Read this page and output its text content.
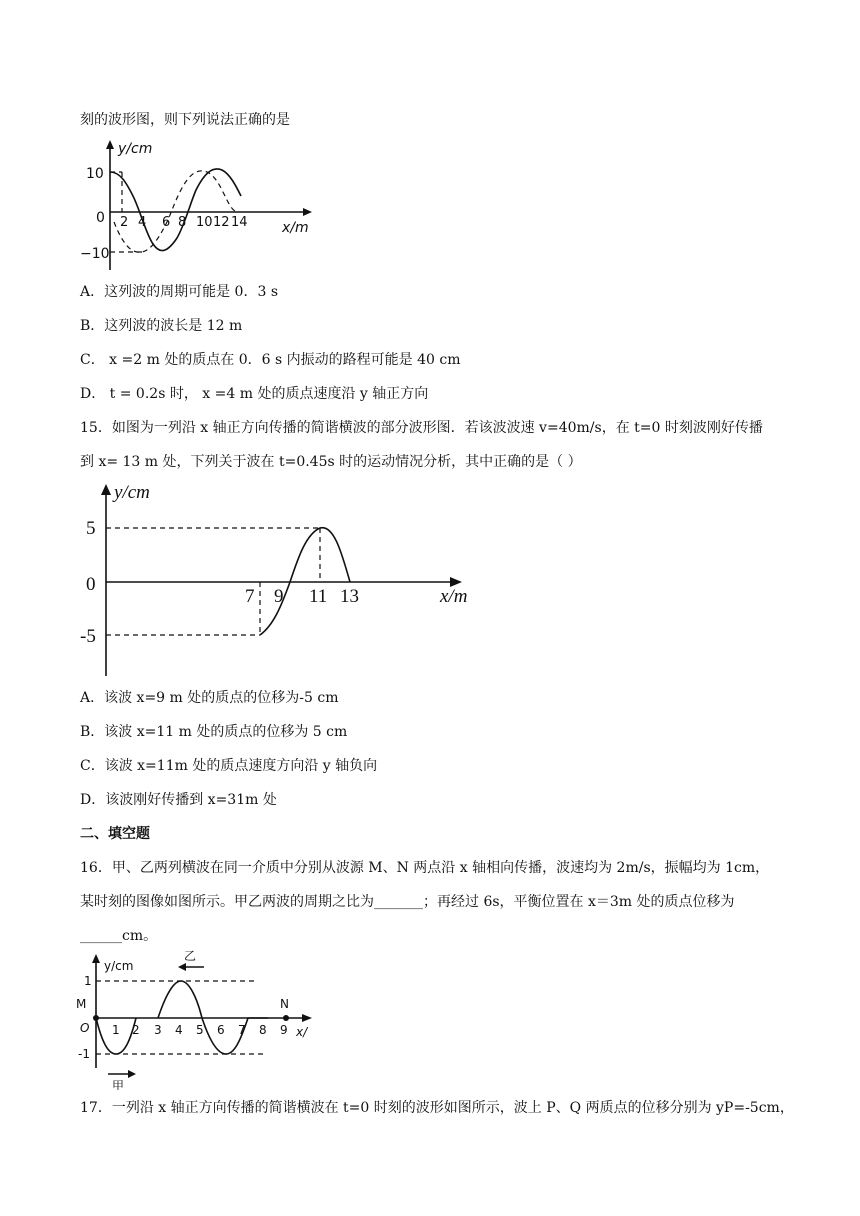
刻的波形图，则下列说法正确的是
y/cm
10
0
−10
2 4 6 8 10 12 14 x/m
A．这列波的周期可能是 0．3 s
B．这列波的波长是 12 m
C． x =2 m 处的质点在 0．6 s 内振动的路程可能是 40 cm
D． t = 0.2s 时， x =4 m 处的质点速度沿 y 轴正方向
15．如图为一列沿 x 轴正方向传播的简谐横波的部分波形图．若该波波速 v=40m/s，在 t=0 时刻波刚好传播
到 x= 13 m 处，下列关于波在 t=0.45s 时的运动情况分析，其中正确的是（ ）
y/cm
5
0
-5
7 9 11 13	x/m
A．该波 x=9 m 处的质点的位移为-5 cm
B．该波 x=11 m 处的质点的位移为 5 cm
C．该波 x=11m 处的质点速度方向沿 y 轴负向
D．该波刚好传播到 x=31m 处
二、填空题
16．甲、乙两列横波在同一介质中分别从波源 M、N 两点沿 x 轴相向传播，波速均为 2m/s，振幅均为 1cm，
某时刻的图像如图所示。甲乙两波的周期之比为_______；再经过 6s，平衡位置在 x＝3m 处的质点位移为
______cm。
乙
甲
y/cm
x/
1
-1
M
O
N
1 2 3 4 5 6 7 8 9
17．一列沿 x 轴正方向传播的简谐横波在 t=0 时刻的波形如图所示，波上 P、Q 两质点的位移分别为 yP=-5cm，
